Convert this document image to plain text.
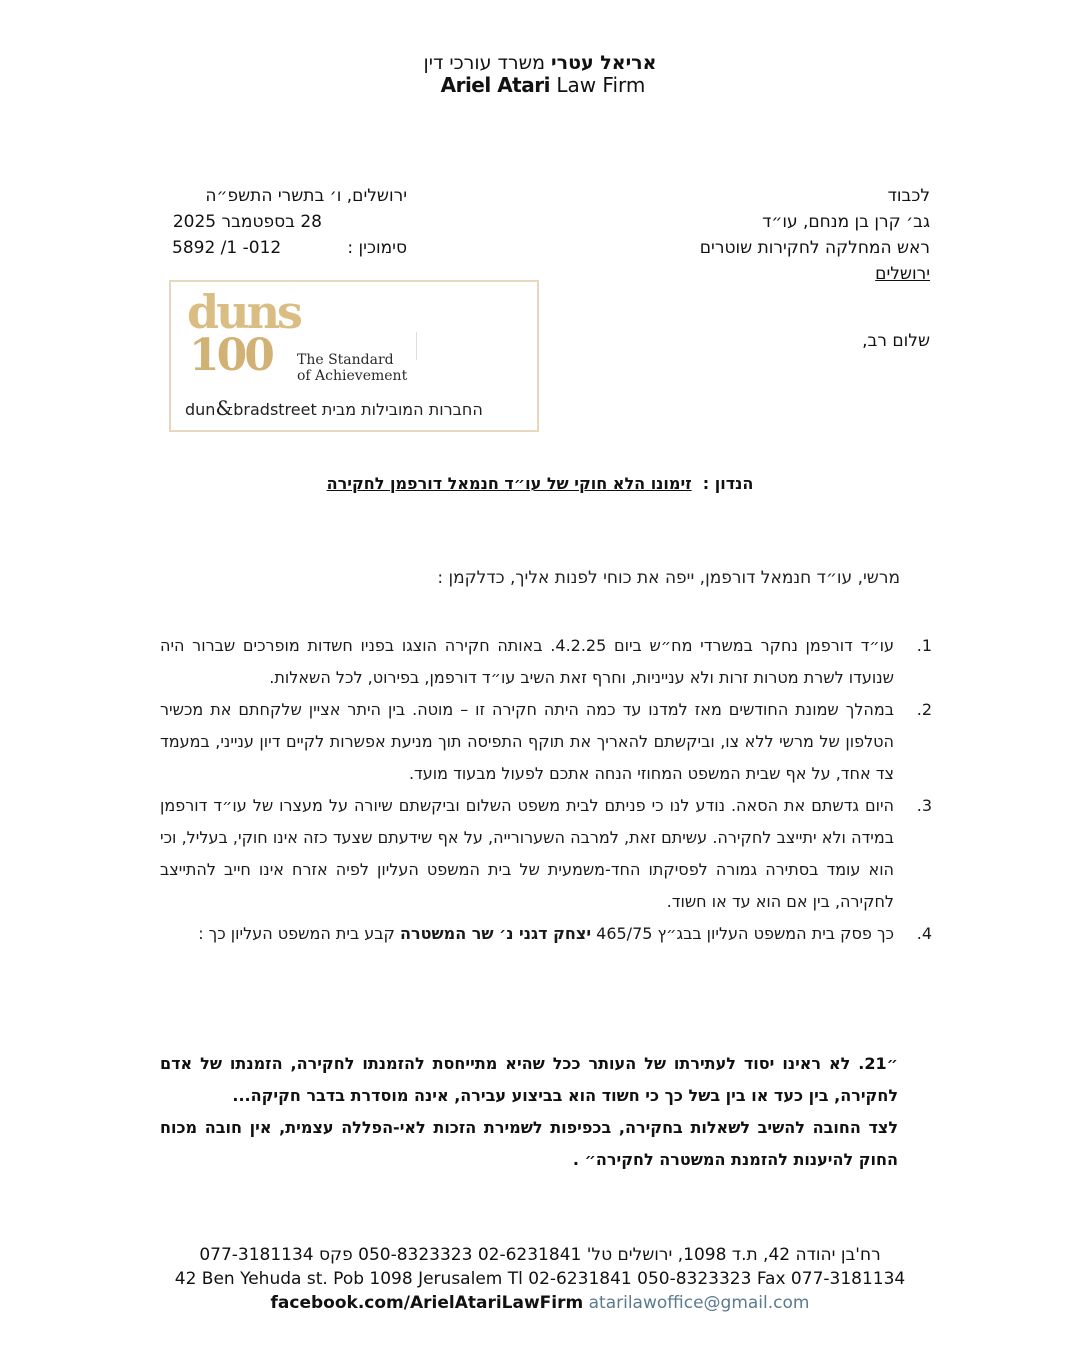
אריאל עטרי משרד עורכי דין
Ariel Atari Law Firm
לכבוד
גב׳ קרן בן מנחם, עו״ד
ראש המחלקה לחקירות שוטרים
ירושלים
ירושלים, ו׳ בתשרי התשפ״ה
28 בספטמבר 2025
סימוכין :
5892 /1 -012
duns
100 The Standard
of Achievement
dun&bradstreet החברות המובילות מבית
שלום רב,
הנדון :  זימונו הלא חוקי של עו״ד חנמאל דורפמן לחקירה
מרשי, עו״ד חנמאל דורפמן, ייפה את כוחי לפנות אליך, כדלקמן :
1.
עו״ד דורפמן נחקר במשרדי מח״ש ביום 4.2.25. באותה חקירה הוצגו בפניו חשדות מופרכים שברור היה שנועדו לשרת מטרות זרות ולא ענייניות, וחרף זאת השיב עו״ד דורפמן, בפירוט, לכל השאלות.
2.
במהלך שמונת החודשים מאז למדנו עד כמה היתה חקירה זו – מוטה. בין היתר אציין שלקחתם את מכשיר הטלפון של מרשי ללא צו, וביקשתם להאריך את תוקף התפיסה תוך מניעת אפשרות לקיים דיון ענייני, במעמד צד אחד, על אף שבית המשפט המחוזי הנחה אתכם לפעול מבעוד מועד.
3.
היום גדשתם את הסאה. נודע לנו כי פניתם לבית משפט השלום וביקשתם שיורה על מעצרו של עו״ד דורפמן במידה ולא יתייצב לחקירה. עשיתם זאת, למרבה השערורייה, על אף שידעתם שצעד כזה אינו חוקי, בעליל, וכי הוא עומד בסתירה גמורה לפסיקתו החד-משמעית של בית המשפט העליון לפיה אזרח אינו חייב להתייצב לחקירה, בין אם הוא עד או חשוד.
4.
כך פסק בית המשפט העליון בבג״ץ 465/75 יצחק דגני נ׳ שר המשטרה קבע בית המשפט העליון כך :

״21. לא ראינו יסוד לעתירתו של העותר ככל שהיא מתייחסת להזמנתו לחקירה, הזמנתו של אדם לחקירה, בין כעד או בין בשל כך כי חשוד הוא בביצוע עבירה, אינה מוסדרת בדבר חקיקה...

לצד החובה להשיב לשאלות בחקירה, בכפיפות לשמירת הזכות לאי-הפללה עצמית, אין חובה מכוח החוק להיענות להזמנת המשטרה לחקירה״ .

רח'בן יהודה 42, ת.ד 1098, ירושלים טל' 02-6231841 050-8323323 פקס 077-3181134
42 Ben Yehuda st. Pob 1098 Jerusalem Tl 02-6231841 050-8323323 Fax 077-3181134
facebook.com/ArielAtariLawFirm atarilawoffice@gmail.com
